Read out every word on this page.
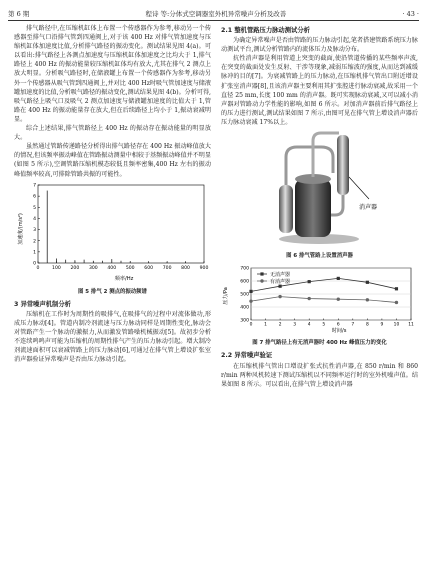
第 6 期	程诗 等:分体式空调器室外机异常噪声分析及改善	· 43 ·

排气路径中,在压缩机缸体上布置一个传感器作为参考,移动另一个传感器至排气口沿排气管到四通阀上,对于该 400 Hz 对排气管加速度与压缩机缸体加速度比值,分析排气路径的振动变化。测试结果见图 4(a)。可以看出:排气路径上各测点加速度与压缩机缸体加速度之比均大于 1,排气路径上 400 Hz 的振动能量较压缩机缸体均有放大,尤其在排气 2 测点上放大明显。分析吸气路径时,在储液罐上布置一个传感器作为参考,移动另外一个传感器从吸气管到四通阀上,并对比 400 Hz时吸气管加速度与储液罐加速度的比值,分析吸气路径的振动变化,测试结果见图 4(b)。分析可得,吸气路径上吸气口及吸气 2 测点加速度与储液罐加速度的比值大于 1,管路在 400 Hz 的振动能量存在放大,但在后续路径上均小于 1,振动衰减明显。

综合上述结果,排气管路径上 400 Hz 的振动存在振动能量的明显放大。

虽然通过管路传递路径分析得出排气路径存在 400 Hz 振动峰值放大的情况,但该频率振动峰值在管路振动测量中相较于基频振动峰值并不明显(如图 5 所示),空调管路压缩机模态较低且频率密集,400 Hz 左右的振动峰值频率较高,可排除管路共振的可能性。

0	100 200 300 400 500 600 700 800 900
0
1
2
3
4
5
6
7
加速度/(m/s²)
频率/Hz
图 5 排气 2 测点的振动频谱
3 异常噪声机制分析

压缩机在工作时为周期性的吸排气,在吸排气的过程中对流体做功,形成压力脉动[4]。管道内制冷剂流速与压力脉动同样是周期性变化,脉动会对管路产生一个脉动的激振力,从而激发管路噪机械振动[5]。故初步分析不连续鸣鸣声可能为压缩机的周期性排气产生的压力脉动引起。增大制冷剂流速面积可以衰减管路上的压力脉动[6],可通过在排气管上增设扩张室消声器验证异常噪声是否由压力脉动引起。

2.1 整机管路压力脉动测试分析

为确定异常噪声是否由管路的压力脉动引起,笔者搭建管路系统压力脉动测试平台,测试分析管路内的流体压力及脉动分布。

抗性消声器是利用管道上突变的截面,使沿管道传播的某些频率声波,在突变的截面处发生反射、干涉等现象,减弱压缩波的强度,从而达到减缓脉冲的目的[7]。为衰减管路上的压力脉动,在压缩机排气管出口附近增设扩张室消声器[8],且该消声器主要利用其扩张腔进行脉动衰减,故采用一个直径 25 mm,长度 100 mm 的消声器。既可实现脉动衰减,又可以减小消声器对管路动力学性能的影响,如图 6 所示。对加消声器前后排气路径上的压力进行测试,测试结果如图 7 所示,由图可见在排气管上增设消声器后压力脉动衰减 17%以上。

消声器
图 6 排气管路上设置消声器
300
400
500
600
700
0	1	2	3	4	5	6	7	8	9 10 11
无消声器
有消声器
压力/Pa
时间/s
图 7 排气路径上有无消声器时 400 Hz 峰值压力的变化
2.2 异常噪声验证

在压缩机排气管出口增设扩张式抗性消声器,在 850 r/min 和 860 r/min 两种风机转速下测试压缩机以不同频率运行时的室外机噪声值。结果如图 8 所示。可以看出,在排气管上增设消声器
